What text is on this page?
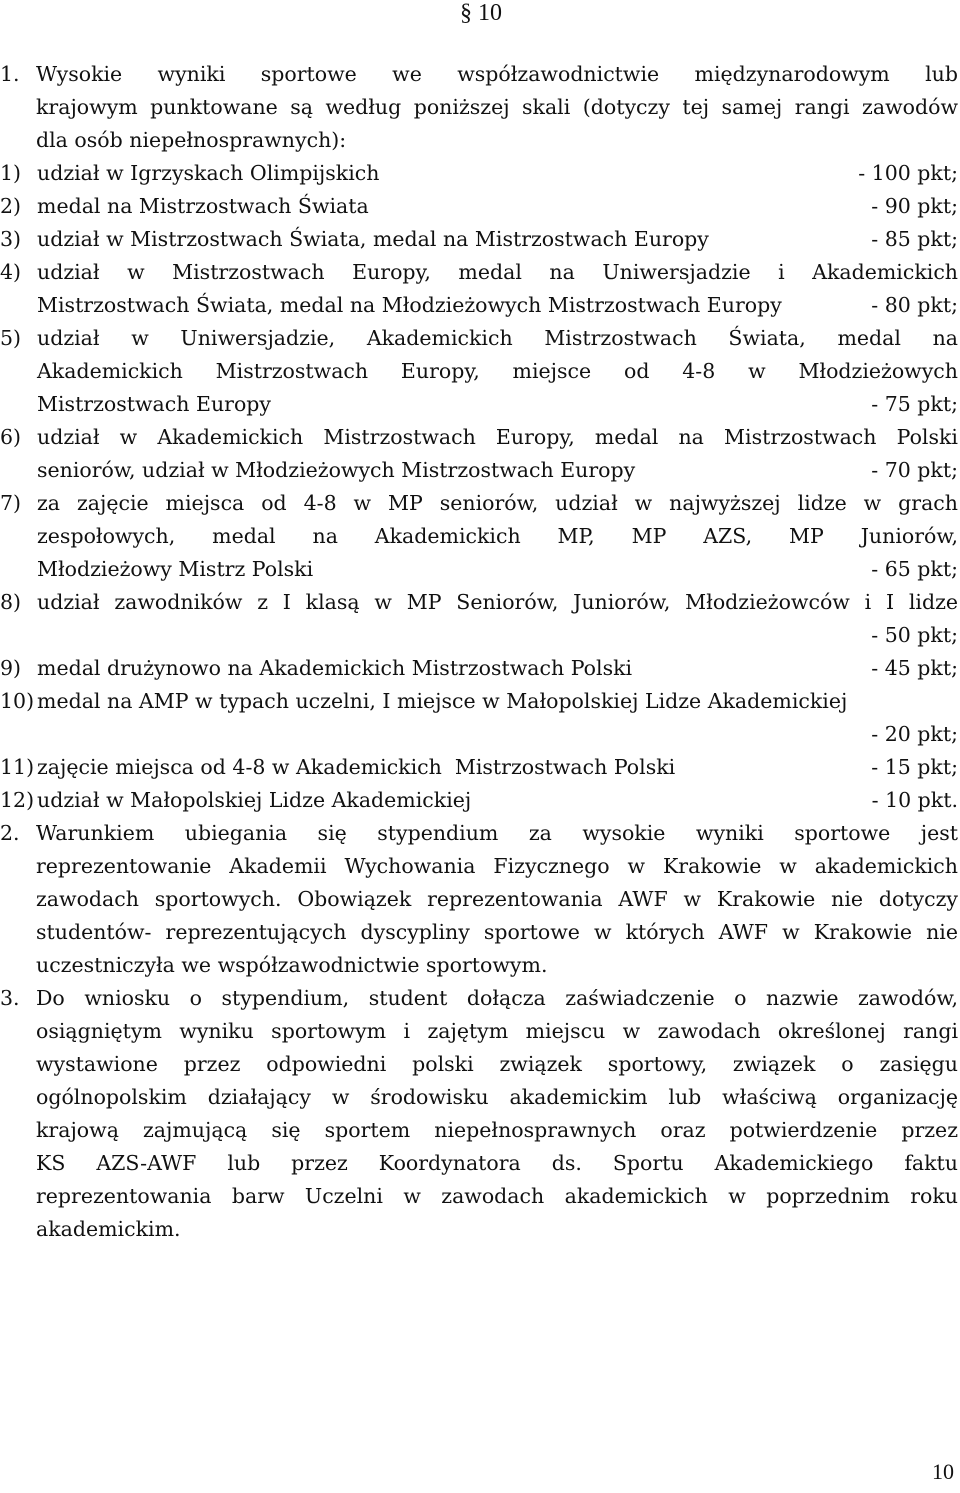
§ 10
1. Wysokie wyniki sportowe we współzawodnictwie międzynarodowym lub
krajowym punktowane są według poniższej skali (dotyczy tej samej rangi zawodów
dla osób niepełnosprawnych):
1) udział w Igrzyskach Olimpijskich	- 100 pkt;
2) medal na Mistrzostwach Świata	- 90 pkt;
3) udział w Mistrzostwach Świata, medal na Mistrzostwach Europy	- 85 pkt;
4) udział w Mistrzostwach Europy, medal na Uniwersjadzie i Akademickich
Mistrzostwach Świata, medal na Młodzieżowych Mistrzostwach Europy	- 80 pkt;
5) udział w Uniwersjadzie, Akademickich Mistrzostwach Świata, medal na
Akademickich Mistrzostwach Europy, miejsce od 4-8 w Młodzieżowych
Mistrzostwach Europy	- 75 pkt;
6) udział w Akademickich Mistrzostwach Europy, medal na Mistrzostwach Polski
seniorów, udział w Młodzieżowych Mistrzostwach Europy	- 70 pkt;
7) za zajęcie miejsca od 4-8 w MP seniorów, udział w najwyższej lidze w grach
zespołowych, medal na Akademickich MP, MP AZS, MP Juniorów,
Młodzieżowy Mistrz Polski	- 65 pkt;
8) udział zawodników z I klasą w MP Seniorów, Juniorów, Młodzieżowców i I lidze
- 50 pkt;
9) medal drużynowo na Akademickich Mistrzostwach Polski	- 45 pkt;
10) medal na AMP w typach uczelni, I miejsce w Małopolskiej Lidze Akademickiej
- 20 pkt;
11) zajęcie miejsca od 4-8 w Akademickich  Mistrzostwach Polski	- 15 pkt;
12) udział w Małopolskiej Lidze Akademickiej	- 10 pkt.
2. Warunkiem ubiegania się stypendium za wysokie wyniki sportowe jest
reprezentowanie Akademii Wychowania Fizycznego w Krakowie w akademickich
zawodach sportowych. Obowiązek reprezentowania AWF w Krakowie nie dotyczy
studentów- reprezentujących dyscypliny sportowe w których AWF w Krakowie nie
uczestniczyła we współzawodnictwie sportowym.
3. Do wniosku o stypendium, student dołącza zaświadczenie o nazwie zawodów,
osiągniętym wyniku sportowym i zajętym miejscu w zawodach określonej rangi
wystawione przez odpowiedni polski związek sportowy, związek o zasięgu
ogólnopolskim działający w środowisku akademickim lub właściwą organizację
krajową zajmującą się sportem niepełnosprawnych oraz potwierdzenie przez
KS AZS-AWF lub przez Koordynatora ds. Sportu Akademickiego faktu
reprezentowania barw Uczelni w zawodach akademickich w poprzednim roku
akademickim.
10
